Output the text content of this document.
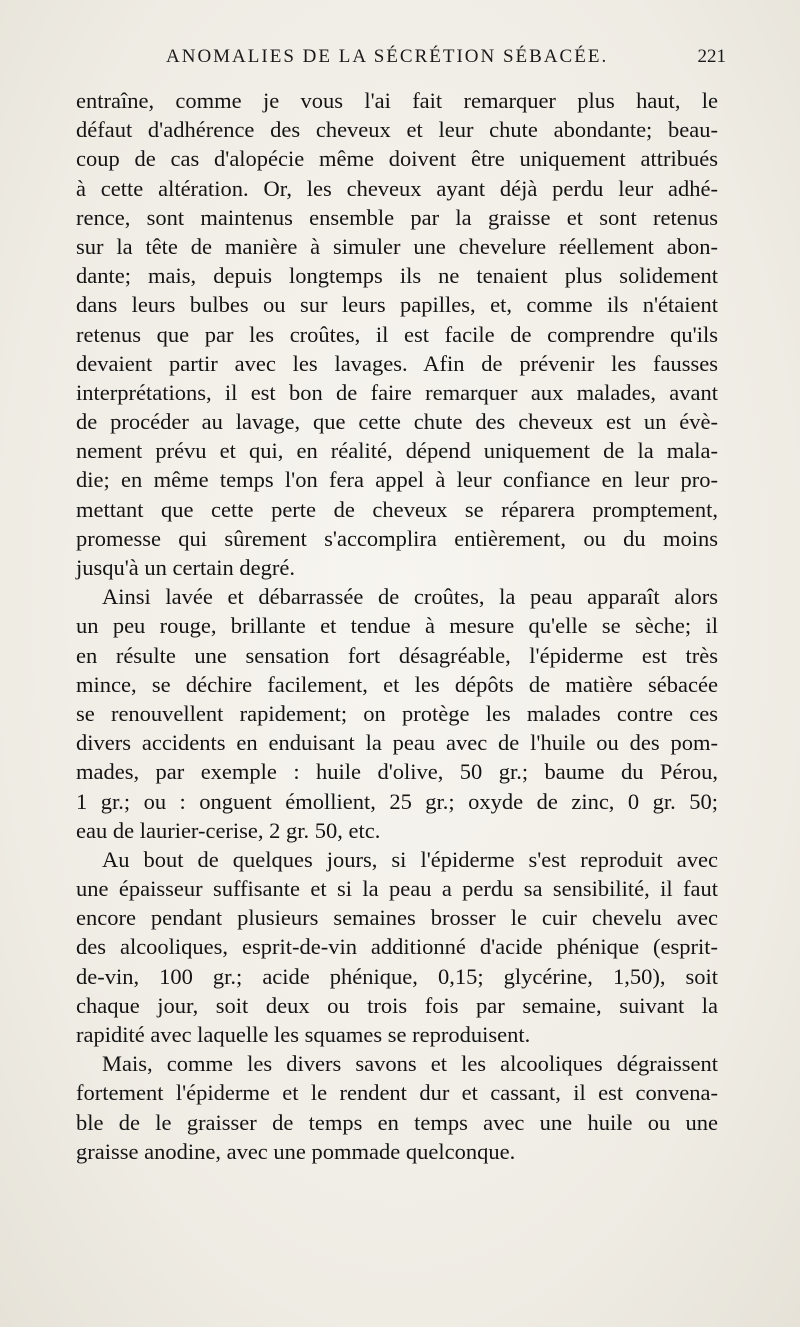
ANOMALIES DE LA SÉCRÉTION SÉBACÉE.	221
entraîne, comme je vous l'ai fait remarquer plus haut, le
défaut d'adhérence des cheveux et leur chute abondante; beau-
coup de cas d'alopécie même doivent être uniquement attribués
à cette altération. Or, les cheveux ayant déjà perdu leur adhé-
rence, sont maintenus ensemble par la graisse et sont retenus
sur la tête de manière à simuler une chevelure réellement abon-
dante; mais, depuis longtemps ils ne tenaient plus solidement
dans leurs bulbes ou sur leurs papilles, et, comme ils n'étaient
retenus que par les croûtes, il est facile de comprendre qu'ils
devaient partir avec les lavages. Afin de prévenir les fausses
interprétations, il est bon de faire remarquer aux malades, avant
de procéder au lavage, que cette chute des cheveux est un évè-
nement prévu et qui, en réalité, dépend uniquement de la mala-
die; en même temps l'on fera appel à leur confiance en leur pro-
mettant que cette perte de cheveux se réparera promptement,
promesse qui sûrement s'accomplira entièrement, ou du moins
jusqu'à un certain degré.
Ainsi lavée et débarrassée de croûtes, la peau apparaît alors
un peu rouge, brillante et tendue à mesure qu'elle se sèche; il
en résulte une sensation fort désagréable, l'épiderme est très
mince, se déchire facilement, et les dépôts de matière sébacée
se renouvellent rapidement; on protège les malades contre ces
divers accidents en enduisant la peau avec de l'huile ou des pom-
mades, par exemple : huile d'olive, 50 gr.; baume du Pérou,
1 gr.; ou : onguent émollient, 25 gr.; oxyde de zinc, 0 gr. 50;
eau de laurier-cerise, 2 gr. 50, etc.
Au bout de quelques jours, si l'épiderme s'est reproduit avec
une épaisseur suffisante et si la peau a perdu sa sensibilité, il faut
encore pendant plusieurs semaines brosser le cuir chevelu avec
des alcooliques, esprit-de-vin additionné d'acide phénique (esprit-
de-vin, 100 gr.; acide phénique, 0,15; glycérine, 1,50), soit
chaque jour, soit deux ou trois fois par semaine, suivant la
rapidité avec laquelle les squames se reproduisent.
Mais, comme les divers savons et les alcooliques dégraissent
fortement l'épiderme et le rendent dur et cassant, il est convena-
ble de le graisser de temps en temps avec une huile ou une
graisse anodine, avec une pommade quelconque.
